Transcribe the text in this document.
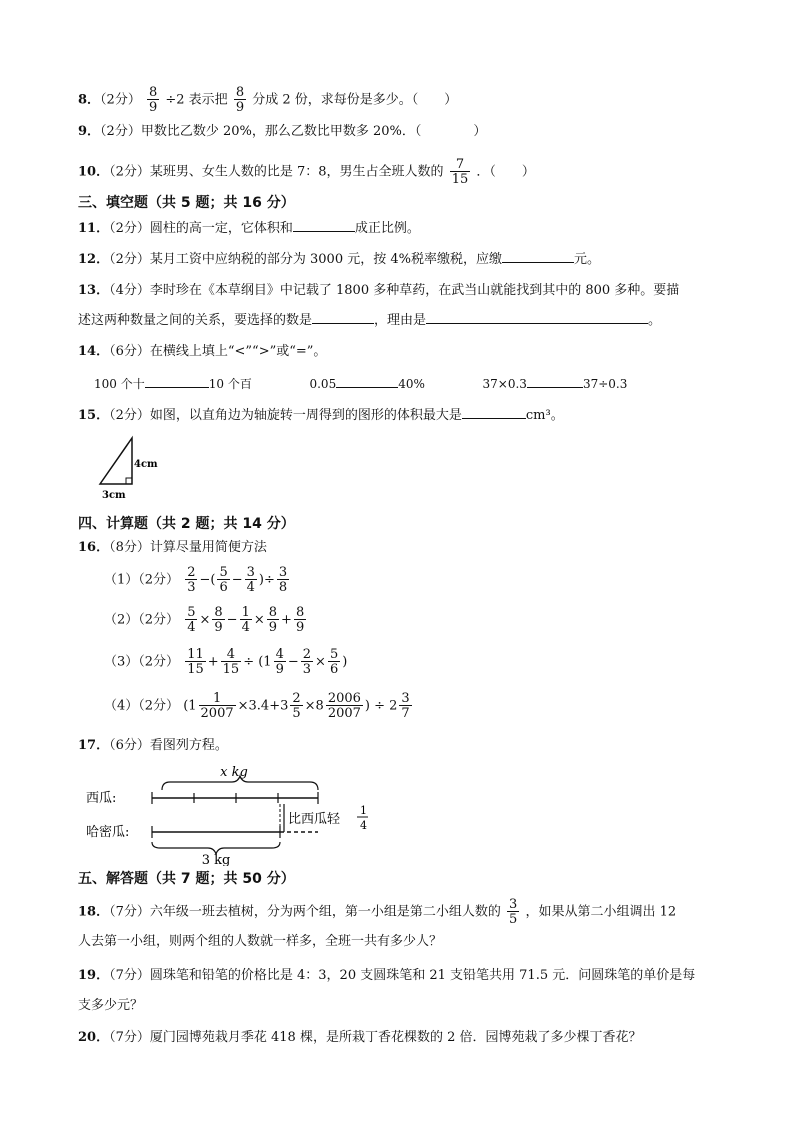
8．（2分） $\frac{8}{9} \div 2$ 表示把 $\frac{8}{9}$ 分成 2 份，求每份是多少。（　　）
9．（2分）甲数比乙数少 20%，那么乙数比甲数多 20%．（　　　　）
10．（2分）某班男、女生人数的比是 7：8，男生占全班人数的 $\frac{7}{15}$ ．（　　）
三、填空题（共 5 题；共 16 分）
11．（2分）圆柱的高一定，它体积和	成正比例。
12．（2分）某月工资中应纳税的部分为 3000 元，按 4%税率缴税，应缴	元。
13．（4分）李时珍在《本草纲目》中记载了 1800 多种草药，在武当山就能找到其中的 800 多种。要描
述这两种数量之间的关系，要选择的数是	，理由是	。
14．（6分）在横线上填上“<”“>”或“=”。
100 个十	10 个百	0.05	40%	37×0.3	37÷0.3
15．（2分）如图，以直角边为轴旋转一周得到的图形的体积最大是	cm³。
4cm
3cm
四、计算题（共 2 题；共 14 分）
16．（8分）计算尽量用简便方法
（1）（2分） $\frac{2}{3}$ −( $\frac{5}{6} - \frac{3}{4}$ )÷ $\frac{3}{8}$
（2）（2分） $\frac{5}{4} \times \frac{8}{9} - \frac{1}{4} \times \frac{8}{9} + \frac{8}{9}$
（3）（2分） $\frac{11}{15} + \frac{4}{15} \div (1 \frac{4}{9} - \frac{2}{3} \times \frac{5}{6}$ )
（4）（2分） ($1 \frac{1}{2007} \times 3.4+3 \frac{2}{5} \times 8 \frac{2006}{2007}$ ) ÷ $2 \frac{3}{7}$
17．（6分）看图列方程。
x kg
西瓜:
比西瓜轻
1
4
哈密瓜:
3 kg
五、解答题（共 7 题；共 50 分）
18．（7分）六年级一班去植树，分为两个组，第一小组是第二小组人数的 $\frac{3}{5}$ ，如果从第二小组调出 12
人去第一小组，则两个组的人数就一样多，全班一共有多少人？
19．（7分）圆珠笔和铅笔的价格比是 4：3，20 支圆珠笔和 21 支铅笔共用 71.5 元．问圆珠笔的单价是每
支多少元？
20．（7分）厦门园博苑栽月季花 418 棵，是所栽丁香花棵数的 2 倍．园博苑栽了多少棵丁香花？
